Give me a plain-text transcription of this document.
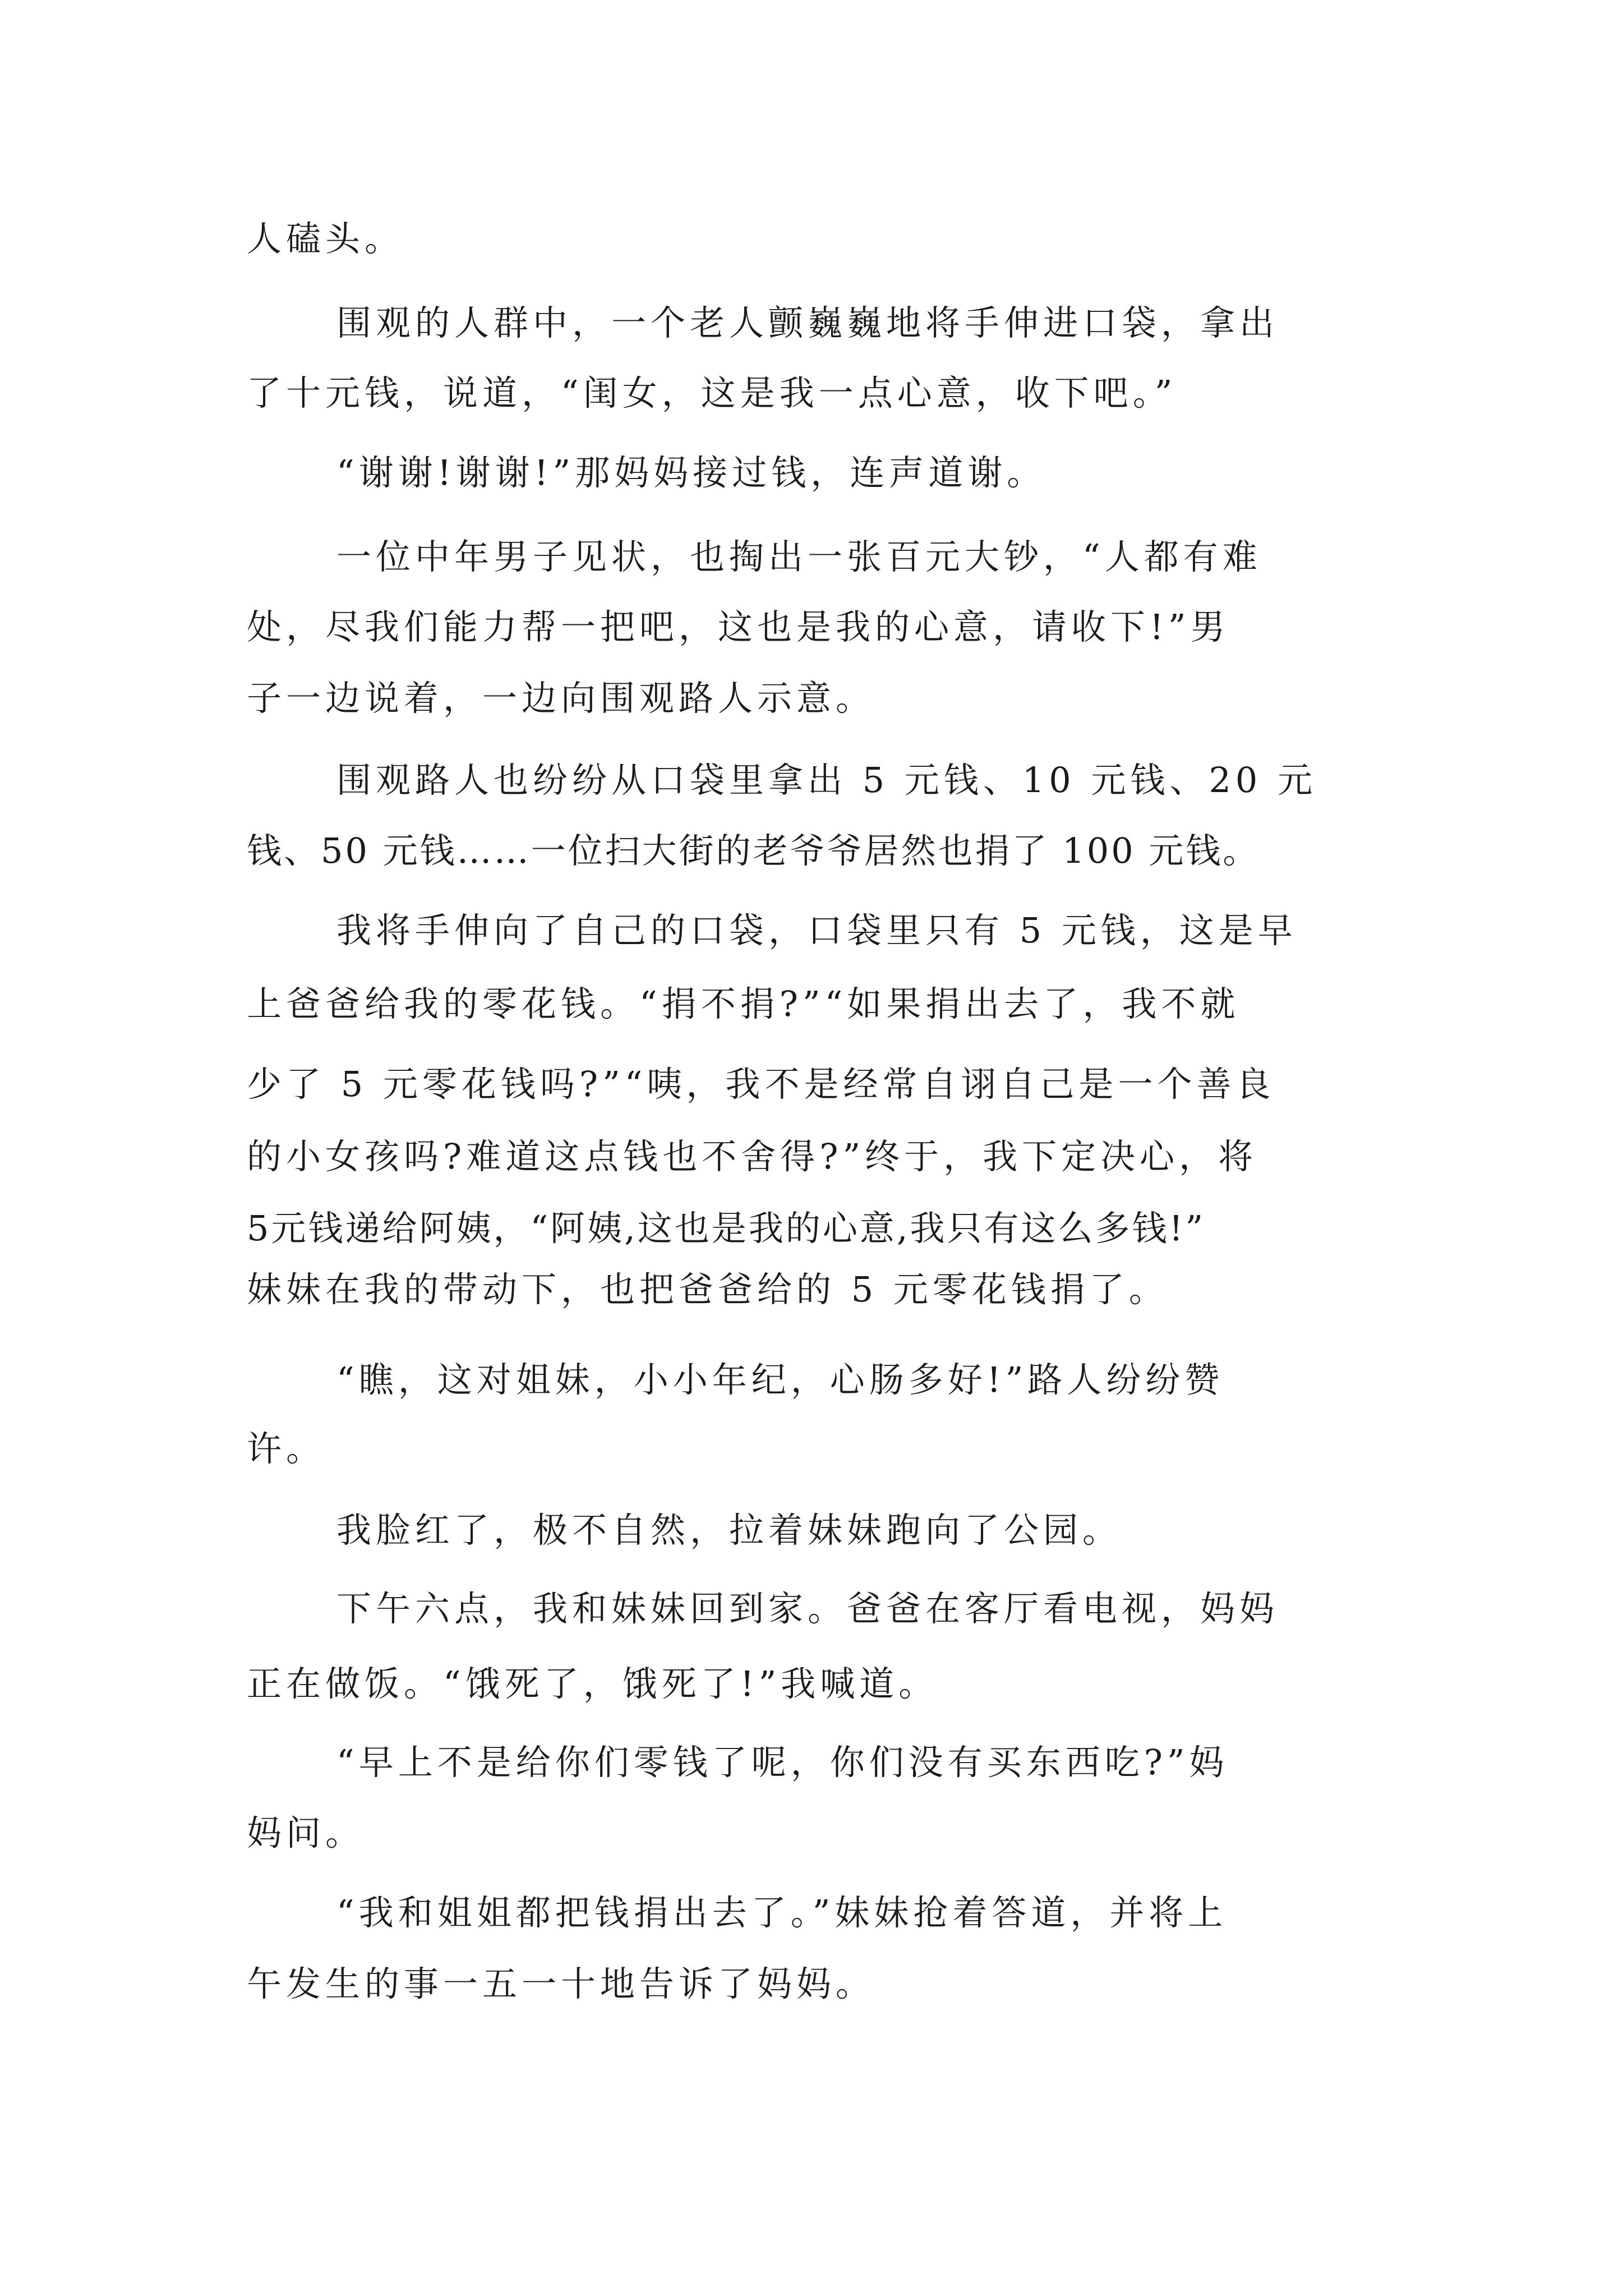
人磕头。
围观的人群中，一个老人颤巍巍地将手伸进口袋，拿出
了十元钱，说道，“闺女，这是我一点心意，收下吧。”
“谢谢!谢谢!”那妈妈接过钱，连声道谢。
一位中年男子见状，也掏出一张百元大钞，“人都有难
处，尽我们能力帮一把吧，这也是我的心意，请收下!”男
子一边说着，一边向围观路人示意。
围观路人也纷纷从口袋里拿出 5 元钱、10 元钱、20 元
钱、50 元钱……一位扫大街的老爷爷居然也捐了 100 元钱。
我将手伸向了自己的口袋，口袋里只有 5 元钱，这是早
上爸爸给我的零花钱。“捐不捐?”“如果捐出去了，我不就
少了 5 元零花钱吗?”“咦，我不是经常自诩自己是一个善良
的小女孩吗?难道这点钱也不舍得?”终于，我下定决心，将
5元钱递给阿姨，“阿姨,这也是我的心意,我只有这么多钱!”
妹妹在我的带动下，也把爸爸给的 5 元零花钱捐了。
“瞧，这对姐妹，小小年纪，心肠多好!”路人纷纷赞
许。
我脸红了，极不自然，拉着妹妹跑向了公园。
下午六点，我和妹妹回到家。爸爸在客厅看电视，妈妈
正在做饭。“饿死了，饿死了!”我喊道。
“早上不是给你们零钱了呢，你们没有买东西吃?”妈
妈问。
“我和姐姐都把钱捐出去了。”妹妹抢着答道，并将上
午发生的事一五一十地告诉了妈妈。
